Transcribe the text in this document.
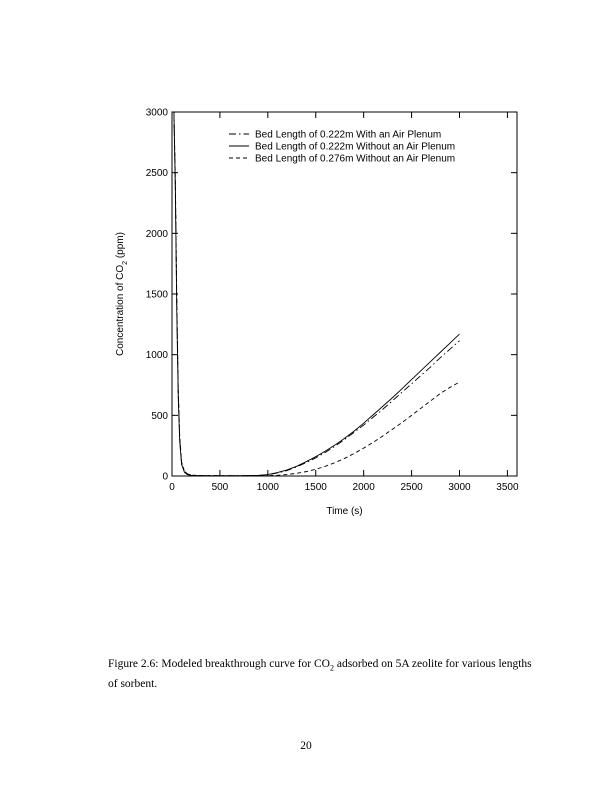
0	500	1000	1500	2000	2500	3000	3500
0
500
1000
1500
2000
2500
3000
Bed Length of 0.222m With an Air Plenum
Bed Length of 0.222m Without an Air Plenum
Bed Length of 0.276m Without an Air Plenum
Time (s)
Concentration of $CO_2$ (ppm)
Figure 2.6: Modeled breakthrough curve for $CO_2$ adsorbed on 5A zeolite for various lengths of sorbent.
20
